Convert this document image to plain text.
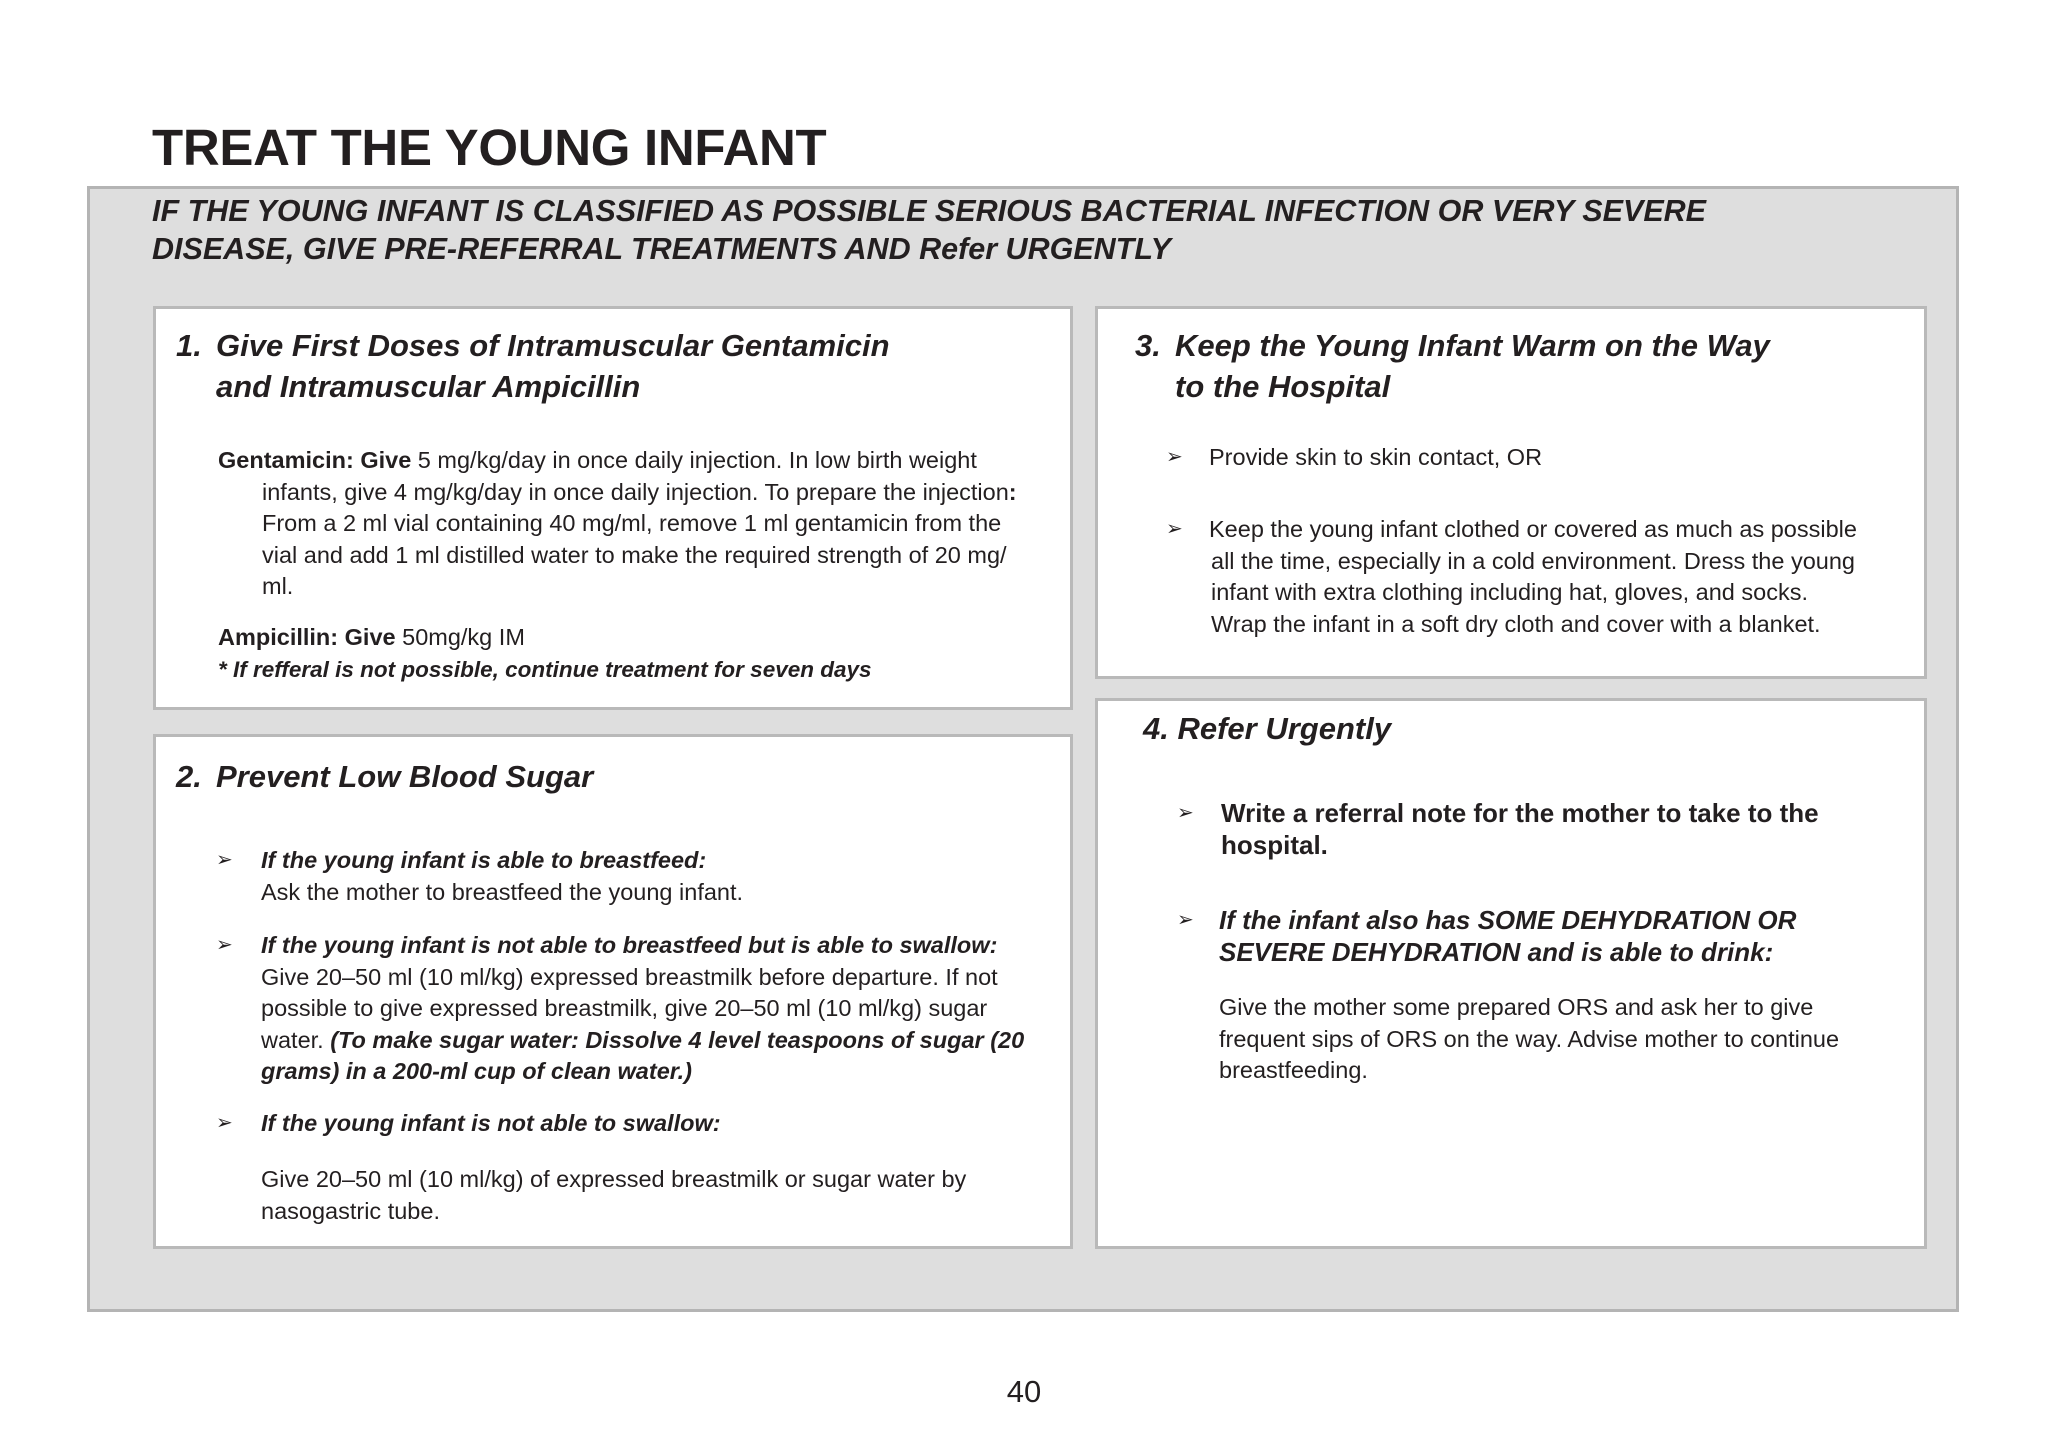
TREAT THE YOUNG INFANT

IF THE YOUNG INFANT IS CLASSIFIED AS POSSIBLE SERIOUS BACTERIAL INFECTION OR VERY SEVERE
DISEASE, GIVE PRE-REFERRAL TREATMENTS AND Refer URGENTLY

1. Give First Doses of Intramuscular Gentamicin
and Intramuscular Ampicillin

Gentamicin: Give 5 mg/kg/day in once daily injection. In low birth weight
infants, give 4 mg/kg/day in once daily injection. To prepare the injection:
From a 2 ml vial containing 40 mg/ml, remove 1 ml gentamicin from the
vial and add 1 ml distilled water to make the required strength of 20 mg/
ml.

Ampicillin: Give 50mg/kg IM
* If refferal is not possible, continue treatment for seven days

2. Prevent Low Blood Sugar
➢ If the young infant is able to breastfeed:
Ask the mother to breastfeed the young infant.

➢ If the young infant is not able to breastfeed but is able to swallow:
Give 20–50 ml (10 ml/kg) expressed breastmilk before departure. If not
possible to give expressed breastmilk, give 20–50 ml (10 ml/kg) sugar
water. (To make sugar water: Dissolve 4 level teaspoons of sugar (20
grams) in a 200-ml cup of clean water.)

➢ If the young infant is not able to swallow:

Give 20–50 ml (10 ml/kg) of expressed breastmilk or sugar water by
nasogastric tube.

3. Keep the Young Infant Warm on the Way
to the Hospital
➢ Provide skin to skin contact, OR

➢ Keep the young infant clothed or covered as much as possible
all the time, especially in a cold environment. Dress the young
infant with extra clothing including hat, gloves, and socks.
Wrap the infant in a soft dry cloth and cover with a blanket.

4. Refer Urgently
➢ Write a referral note for the mother to take to the
hospital.

➢ If the infant also has SOME DEHYDRATION OR
SEVERE DEHYDRATION and is able to drink:

Give the mother some prepared ORS and ask her to give
frequent sips of ORS on the way. Advise mother to continue
breastfeeding.

40
